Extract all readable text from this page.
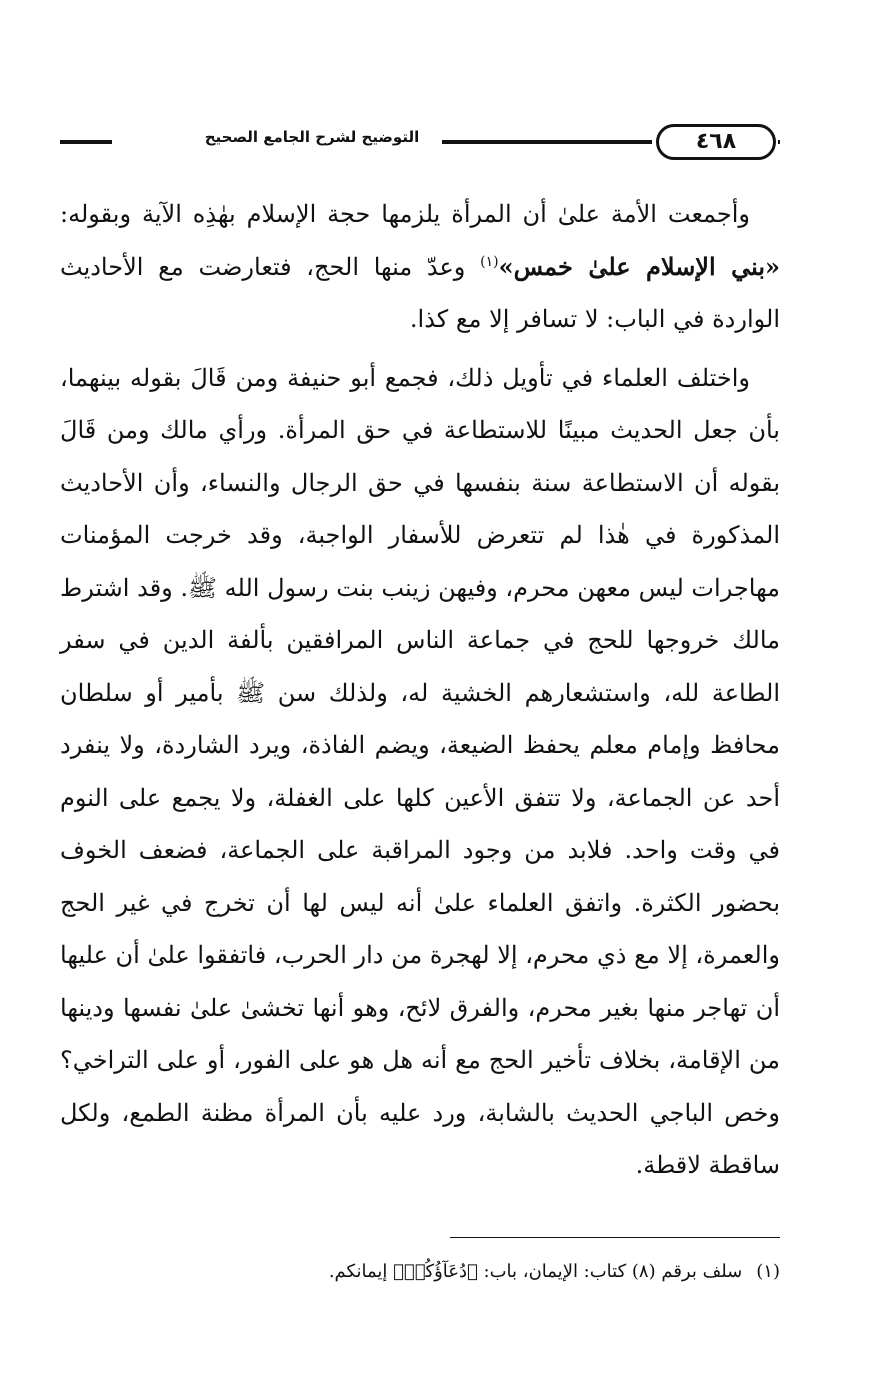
التوضيح لشرح الجامع الصحيح	٤٦٨

وأجمعت الأمة علىٰ أن المرأة يلزمها حجة الإسلام بهٰذِه الآية وبقوله: «بني الإسلام علىٰ خمس»$^{(١)}$ وعدّ منها الحج، فتعارضت مع الأحاديث الواردة في الباب: لا تسافر إلا مع كذا.

واختلف العلماء في تأويل ذلك، فجمع أبو حنيفة ومن قَالَ بقوله بينهما، بأن جعل الحديث مبينًا للاستطاعة في حق المرأة. ورأي مالك ومن قَالَ بقوله أن الاستطاعة سنة بنفسها في حق الرجال والنساء، وأن الأحاديث المذكورة في هٰذا لم تتعرض للأسفار الواجبة، وقد خرجت المؤمنات مهاجرات ليس معهن محرم، وفيهن زينب بنت رسول الله ﷺ. وقد اشترط مالك خروجها للحج في جماعة الناس المرافقين بألفة الدين في سفر الطاعة لله، واستشعارهم الخشية له، ولذلك سن ﷺ بأمير أو سلطان محافظ وإمام معلم يحفظ الضيعة، ويضم الفاذة، ويرد الشاردة، ولا ينفرد أحد عن الجماعة، ولا تتفق الأعين كلها على الغفلة، ولا يجمع على النوم في وقت واحد. فلابد من وجود المراقبة على الجماعة، فضعف الخوف بحضور الكثرة. واتفق العلماء علىٰ أنه ليس لها أن تخرج في غير الحج والعمرة، إلا مع ذي محرم، إلا لهجرة من دار الحرب، فاتفقوا علىٰ أن عليها أن تهاجر منها بغير محرم، والفرق لائح، وهو أنها تخشىٰ علىٰ نفسها ودينها من الإقامة، بخلاف تأخير الحج مع أنه هل هو على الفور، أو على التراخي؟ وخص الباجي الحديث بالشابة، ورد عليه بأن المرأة مظنة الطمع، ولكل ساقطة لاقطة.

(١)سلف برقم (٨) كتاب: الإيمان، باب: ﴿دُعَآؤُكُمۡ﴾ إيمانكم.
